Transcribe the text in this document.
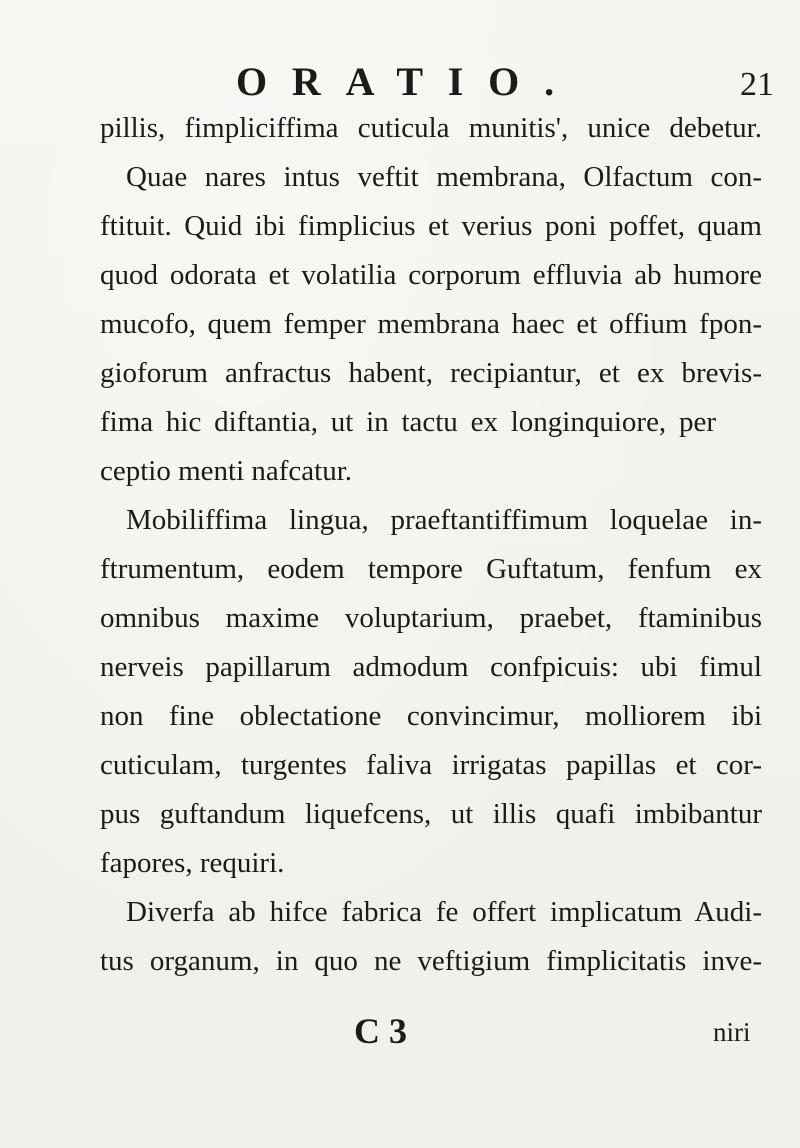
ORATIO.	21
pillis, fimpliciffima cuticula munitis', unice debetur.
Quae nares intus veftit membrana, Olfactum con-
ftituit. Quid ibi fimplicius et verius poni poffet, quam
quod odorata et volatilia corporum effluvia ab humore
mucofo, quem femper membrana haec et offium fpon-
gioforum anfractus habent, recipiantur, et ex brevis-
fima hic diftantia, ut in tactu ex longinquiore, per
ceptio menti nafcatur.
Mobiliffima lingua, praeftantiffimum loquelae in-
ftrumentum, eodem tempore Guftatum, fenfum ex
omnibus maxime voluptarium, praebet, ftaminibus
nerveis papillarum admodum confpicuis: ubi fimul
non fine oblectatione convincimur, molliorem ibi
cuticulam, turgentes faliva irrigatas papillas et cor-
pus guftandum liquefcens, ut illis quafi imbibantur
fapores, requiri.
Diverfa ab hifce fabrica fe offert implicatum Audi-
tus organum, in quo ne veftigium fimplicitatis inve-
C 3	niri
